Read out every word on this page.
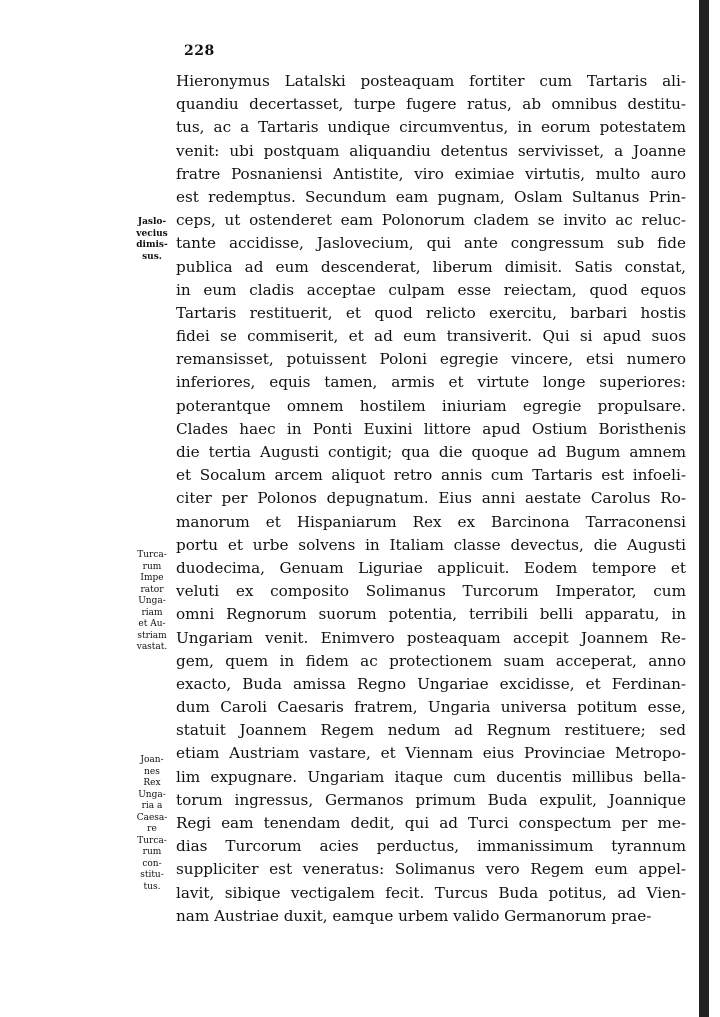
228
Hieronymus Latalski posteaquam fortiter cum Tartaris ali-
quandiu decertasset, turpe fugere ratus, ab omnibus destitu-
tus, ac a Tartaris undique circumventus, in eorum potestatem
venit: ubi postquam aliquandiu detentus servivisset, a Joanne
fratre Posnaniensi Antistite, viro eximiae virtutis, multo auro
est redemptus. Secundum eam pugnam, Oslam Sultanus Prin-
ceps, ut ostenderet eam Polonorum cladem se invito ac reluc-
tante accidisse, Jaslovecium, qui ante congressum sub fide
publica ad eum descenderat, liberum dimisit. Satis constat,
in eum cladis acceptae culpam esse reiectam, quod equos
Tartaris restituerit, et quod relicto exercitu, barbari hostis
fidei se commiserit, et ad eum transiverit. Qui si apud suos
remansisset, potuissent Poloni egregie vincere, etsi numero
inferiores, equis tamen, armis et virtute longe superiores:
poterantque omnem hostilem iniuriam egregie propulsare.
Clades haec in Ponti Euxini littore apud Ostium Boristhenis
die tertia Augusti contigit; qua die quoque ad Bugum amnem
et Socalum arcem aliquot retro annis cum Tartaris est infoeli-
citer per Polonos depugnatum. Eius anni aestate Carolus Ro-
manorum et Hispaniarum Rex ex Barcinona Tarraconensi
portu et urbe solvens in Italiam classe devectus, die Augusti
duodecima, Genuam Liguriae applicuit. Eodem tempore et
veluti ex composito Solimanus Turcorum Imperator, cum
omni Regnorum suorum potentia, terribili belli apparatu, in
Ungariam venit. Enimvero posteaquam accepit Joannem Re-
gem, quem in fidem ac protectionem suam acceperat, anno
exacto, Buda amissa Regno Ungariae excidisse, et Ferdinan-
dum Caroli Caesaris fratrem, Ungaria universa potitum esse,
statuit Joannem Regem nedum ad Regnum restituere; sed
etiam Austriam vastare, et Viennam eius Provinciae Metropo-
lim expugnare. Ungariam itaque cum ducentis millibus bella-
torum ingressus, Germanos primum Buda expulit, Joannique
Regi eam tenendam dedit, qui ad Turci conspectum per me-
dias Turcorum acies perductus, immanissimum tyrannum
suppliciter est veneratus: Solimanus vero Regem eum appel-
lavit, sibique vectigalem fecit. Turcus Buda potitus, ad Vien-
nam Austriae duxit, eamque urbem valido Germanorum prae-
Jaslo-
vecius
dimis-
sus.
Turca-
rum
Impe
rator
Unga-
riam
et Au-
striam
vastat.
Joan-
nes
Rex
Unga-
ria a
Caesa-
re
Turca-
rum
con-
stitu-
tus.
